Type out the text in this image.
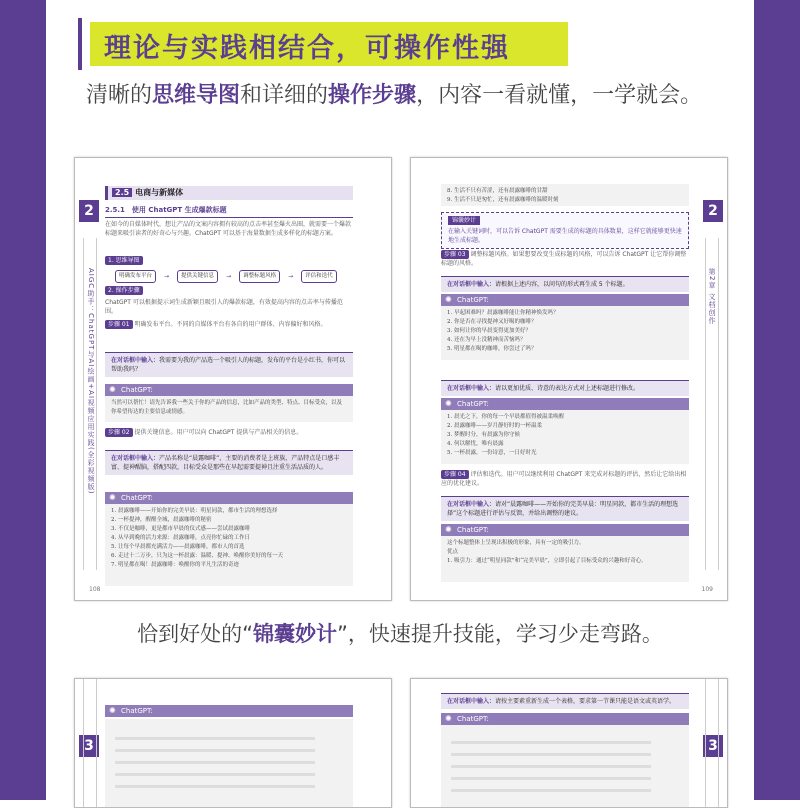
理论与实践相结合，可操作性强
清晰的思维导图和详细的操作步骤，内容一看就懂，一学就会。
2
AIGC助手：ChatGPT与AI绘画+AI视频应用实践(全彩视频版)
2.5 电商与新媒体
2.5.1　使用 ChatGPT 生成爆款标题
在如今的自媒体时代，想让产品的文案内容拥有较高的点击率甚至爆火出圈，就需要一个爆款标题来吸引读者的好奇心与兴趣。ChatGPT 可以基于海量数据生成多样化的标题方案。
1. 思维导图
明确发布平台	→	提供关键信息	→	调整标题风格	→	评估和迭代
2. 操作步骤
ChatGPT 可以根据提示词生成新颖且吸引人的爆款标题，有效提高内容的点击率与传播范围。
步骤 01 明确发布平台。不同的自媒体平台有各自的用户群体、内容偏好和风格。
在对话框中输入：我需要为我的产品选一个吸引人的标题，发布的平台是小红书，你可以帮助我吗？
✺ ChatGPT:
当然可以帮忙！请先告诉我一些关于你的产品的信息，比如产品的类型、特点、目标受众，以及你希望传达的主要信息或情感。
步骤 02 提供关键信息。用户可以向 ChatGPT 提供与产品相关的信息。
在对话框中输入：产品名称是“晨露咖啡”，主要的消费者是上班族，产品特点是口感丰富、提神醒脑，搭配四款，目标受众是那些在早起需要提神且注重生活品质的人。
✺ ChatGPT:
1. 晨露咖啡——开始你的完美早晨：明星同款，都市生活的理想选择
2. 一杯提神，醒醒全城，晨露咖啡的秘密
3. 不仅是咖啡，更是都市早晨的仪式感——尝试晨露咖啡
4. 从早到晚的活力来源：晨露咖啡，点亮你忙碌的工作日
5. 让每个早晨都充满活力——晨露咖啡，都市人的首选
6. 走过十二万步，只为这一杯晨露：温暖、提神、唤醒你美好的每一天
7. 明星都在喝！晨露咖啡：唤醒你的平凡生活的奇迹
108
2
第2章 文档创作
8. 生活不只有苦涩，还有晨露咖啡的甘甜
9. 生活不只是匆忙，还有晨露咖啡的温暖时刻
锦囊妙计
在输入关键词时，可以告诉 ChatGPT 需要生成的标题的具体数量，这样它就能够更快速地生成标题。
步骤 03 调整标题风格。如果想要改变生成标题的风格，可以告诉 ChatGPT 让它帮你调整标题的风格。
在对话框中输入：请根据上述内容，以问句的形式再生成 5 个标题。
✺ ChatGPT:
1. 早起困难吗？晨露咖啡能让你精神焕发吗？
2. 你是否在寻找提神又好喝的咖啡？
3. 如何让你的早晨变得更加美好？
4. 还在为早上没精神而苦恼吗？
5. 明星都在喝的咖啡，你尝过了吗？
在对话框中输入：请以更加优质、诗意的表达方式对上述标题进行修改。
✺ ChatGPT:
1. 晨光之下，你的每一个早晨都值得被温柔唤醒
2. 晨露咖啡——岁月静好时的一杯温柔
3. 梦醒时分，有晨露为你守候
4. 何以解忧，唯有晨露
5. 一杯晨露，一份诗意，一日好时光
步骤 04 评估和迭代。用户可以继续利用 ChatGPT 来完成对标题的评估，然后让它给出相应的优化建议。
在对话框中输入：请对“晨露咖啡——开始你的完美早晨：明星同款，都市生活的理想选择”这个标题进行评估与反馈，并给出调整的建议。
✺ ChatGPT:
这个标题整体上呈现出积极的形象，具有一定的吸引力。
优点
1. 吸引力：通过“明星同款”和“完美早晨”，立即引起了目标受众的兴趣和好奇心。
109
恰到好处的“锦囊妙计”，快速提升技能，学习少走弯路。
3
✺ ChatGPT:
3
在对话框中输入：请按主要素重新生成一个表格，要求第一节课只能是语文或英语学。
✺ ChatGPT:
